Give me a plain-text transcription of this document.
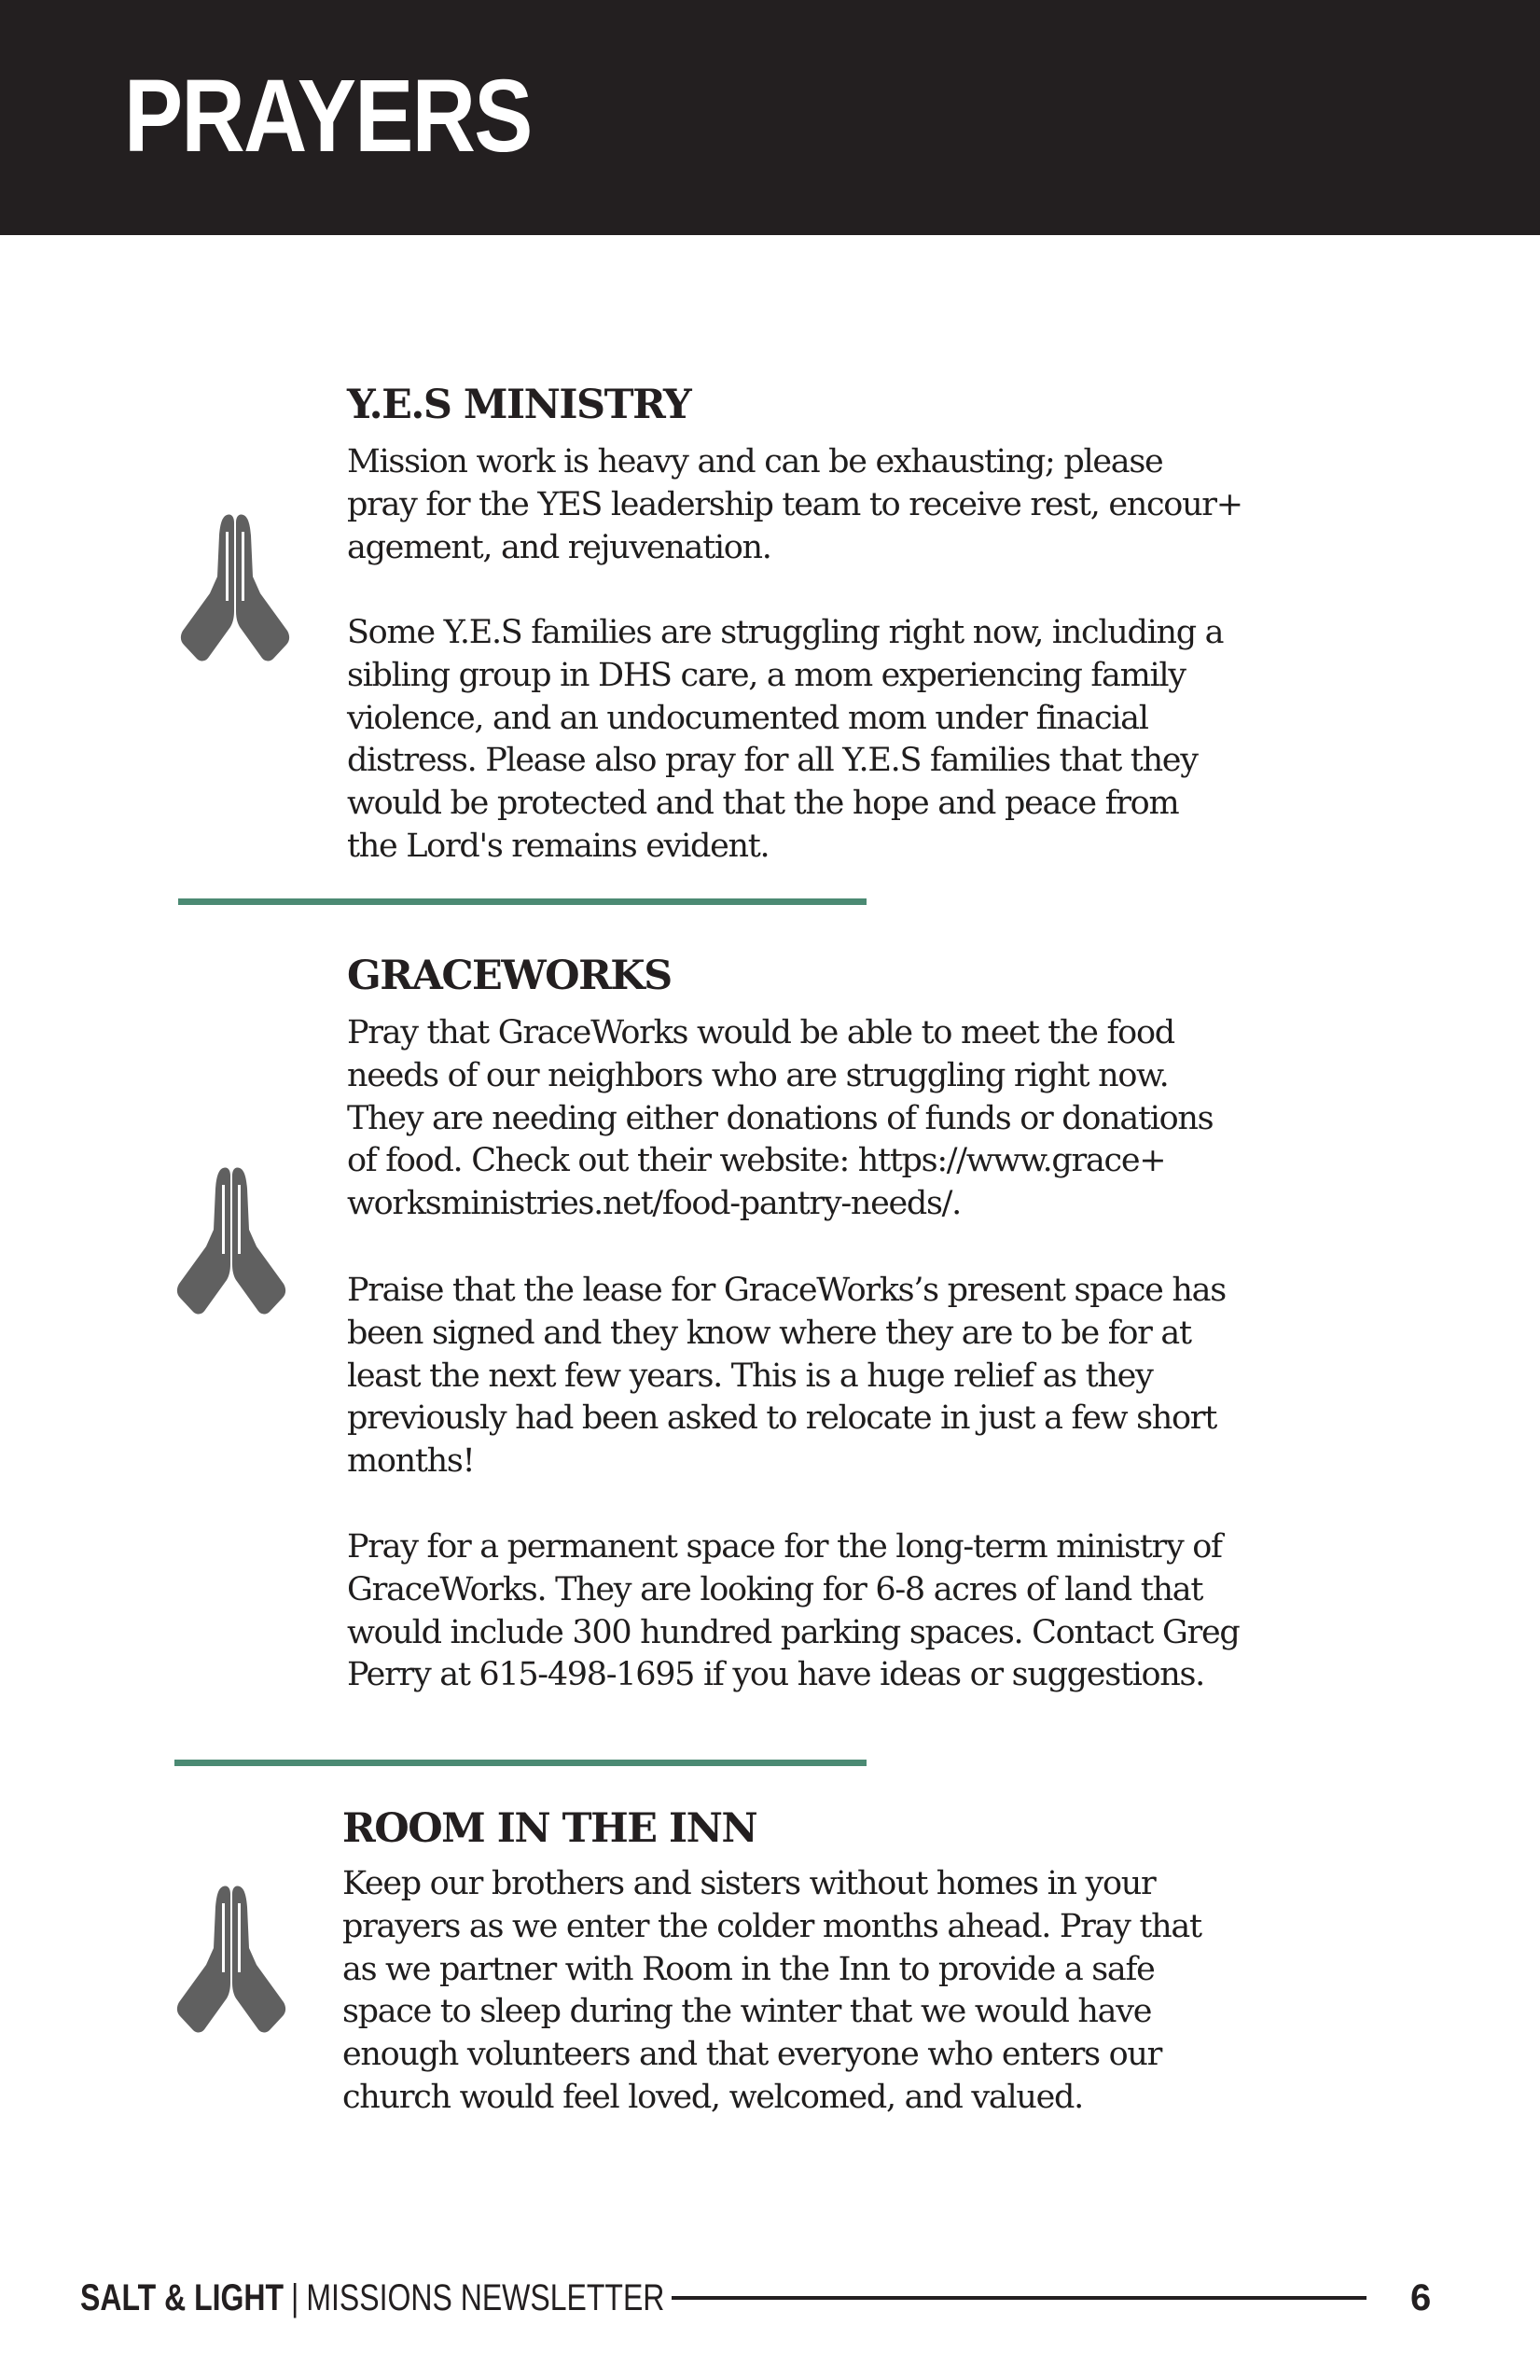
PRAYERS
Y.E.S MINISTRY
Mission work is heavy and can be exhausting; please
pray for the YES leadership team to receive rest, encour+
agement, and rejuvenation.
Some Y.E.S families are struggling right now, including a
sibling group in DHS care, a mom experiencing family
violence, and an undocumented mom under finacial
distress. Please also pray for all Y.E.S families that they
would be protected and that the hope and peace from
the Lord's remains evident.
GRACEWORKS
Pray that GraceWorks would be able to meet the food
needs of our neighbors who are struggling right now.
They are needing either donations of funds or donations
of food. Check out their website: https://www.grace+
worksministries.net/food-pantry-needs/.
Praise that the lease for GraceWorks’s present space has
been signed and they know where they are to be for at
least the next few years. This is a huge relief as they
previously had been asked to relocate in just a few short
months!
Pray for a permanent space for the long-term ministry of
GraceWorks. They are looking for 6-8 acres of land that
would include 300 hundred parking spaces. Contact Greg
Perry at 615-498-1695 if you have ideas or suggestions.
ROOM IN THE INN
Keep our brothers and sisters without homes in your
prayers as we enter the colder months ahead. Pray that
as we partner with Room in the Inn to provide a safe
space to sleep during the winter that we would have
enough volunteers and that everyone who enters our
church would feel loved, welcomed, and valued.

SALT & LIGHT | MISSIONS NEWSLETTER	6
